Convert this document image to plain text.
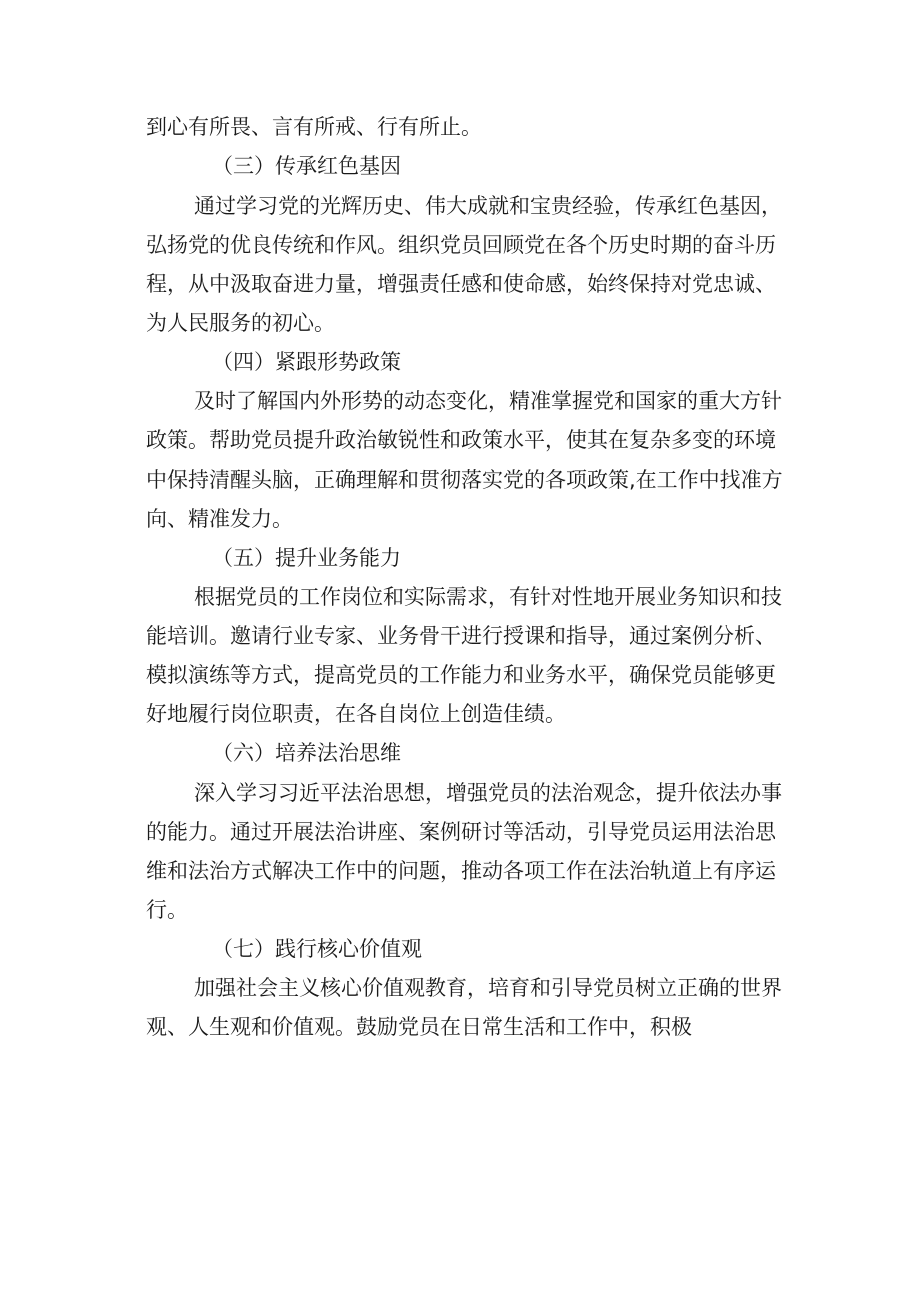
到心有所畏、言有所戒、行有所止。
（三）传承红色基因
通过学习党的光辉历史、伟大成就和宝贵经验，传承红色基因，
弘扬党的优良传统和作风。组织党员回顾党在各个历史时期的奋斗历
程，从中汲取奋进力量，增强责任感和使命感，始终保持对党忠诚、
为人民服务的初心。
（四）紧跟形势政策
及时了解国内外形势的动态变化，精准掌握党和国家的重大方针
政策。帮助党员提升政治敏锐性和政策水平，使其在复杂多变的环境
中保持清醒头脑，正确理解和贯彻落实党的各项政策,在工作中找准方
向、精准发力。
（五）提升业务能力
根据党员的工作岗位和实际需求，有针对性地开展业务知识和技
能培训。邀请行业专家、业务骨干进行授课和指导，通过案例分析、
模拟演练等方式，提高党员的工作能力和业务水平，确保党员能够更
好地履行岗位职责，在各自岗位上创造佳绩。
（六）培养法治思维
深入学习习近平法治思想，增强党员的法治观念，提升依法办事
的能力。通过开展法治讲座、案例研讨等活动，引导党员运用法治思
维和法治方式解决工作中的问题，推动各项工作在法治轨道上有序运
行。
（七）践行核心价值观
加强社会主义核心价值观教育，培育和引导党员树立正确的世界
观、人生观和价值观。鼓励党员在日常生活和工作中，积极
